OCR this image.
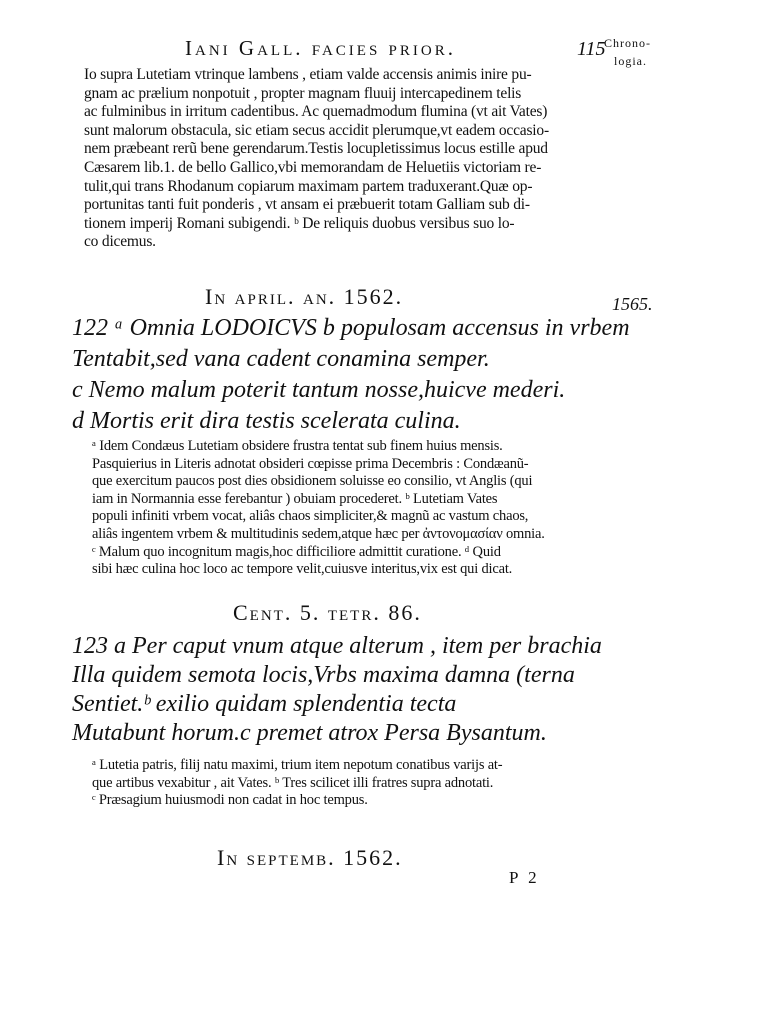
Iani Gall. facies prior.	115
Chrono-
logia.
Io supra Lutetiam vtrinque lambens , etiam valde accensis animis inire pu-
gnam ac prælium nonpotuit , propter magnam fluuij intercapedinem telis
ac fulminibus in irritum cadentibus. Ac quemadmodum flumina (vt ait Vates)
sunt malorum obstacula, sic etiam secus accidit plerumque,vt eadem occasio-
nem præbeant rerũ bene gerendarum.Testis locupletissimus locus estille apud
Cæsarem lib.1. de bello Gallico,vbi memorandam de Heluetiis victoriam re-
tulit,qui trans Rhodanum copiarum maximam partem traduxerant.Quæ op-
portunitas tanti fuit ponderis , vt ansam ei præbuerit totam Galliam sub di-
tionem imperij Romani subigendi. ᵇ De reliquis duobus versibus suo lo-
co dicemus.
In april. an. 1562.	1565.
122 ᵃ Omnia LODOICVS b populosam accensus in vrbem
Tentabit,sed vana cadent conamina semper.
c Nemo malum poterit tantum nosse,huicve mederi.
d Mortis erit dira testis scelerata culina.
ᵃ Idem Condæus Lutetiam obsidere frustra tentat sub finem huius mensis.
Pasquierius in Literis adnotat obsideri cœpisse prima Decembris : Condæanũ-
que exercitum paucos post dies obsidionem soluisse eo consilio, vt Anglis (qui
iam in Normannia esse ferebantur ) obuiam procederet. ᵇ Lutetiam Vates
populi infiniti vrbem vocat, aliâs chaos simpliciter,& magnũ ac vastum chaos,
aliâs ingentem vrbem & multitudinis sedem,atque hæc per ἀντονομασίαν omnia.
ᶜ Malum quo incognitum magis,hoc difficiliore admittit curatione. ᵈ Quid
sibi hæc culina hoc loco ac tempore velit,cuiusve interitus,vix est qui dicat.
Cent. 5. tetr. 86.
123 a Per caput vnum atque alterum , item per brachia
Illa quidem semota locis,Vrbs maxima damna (terna
Sentiet.ᵇ exilio quidam splendentia tecta
Mutabunt horum.c premet atrox Persa Bysantum.
ᵃ Lutetia patris, filij natu maximi, trium item nepotum conatibus varijs at-
que artibus vexabitur , ait Vates. ᵇ Tres scilicet illi fratres supra adnotati.
ᶜ Præsagium huiusmodi non cadat in hoc tempus.
In septemb. 1562.
P 2
